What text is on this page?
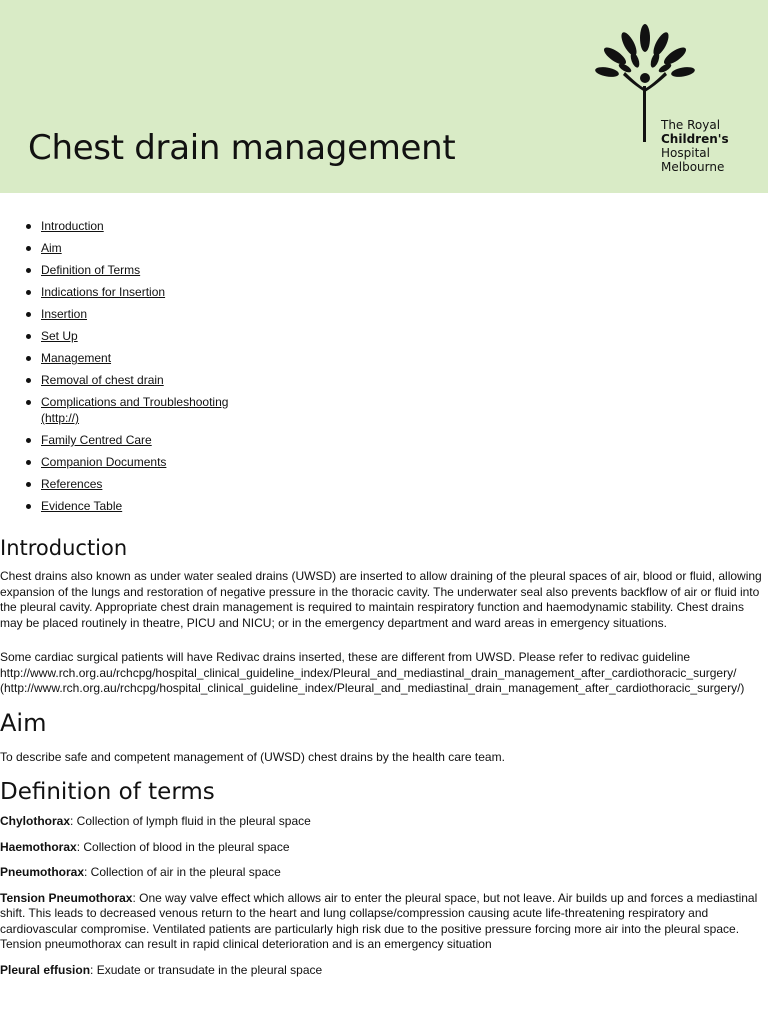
Chest drain management
The Royal
Children's
Hospital
Melbourne
Introduction
Aim
Definition of Terms
Indications for Insertion
Insertion
Set Up
Management
Removal of chest drain
Complications and Troubleshooting (http://)
Family Centred Care
Companion Documents
References
Evidence Table
Introduction

Chest drains also known as under water sealed drains (UWSD) are inserted to allow draining of the pleural spaces of air, blood or fluid, allowing expansion of the lungs and restoration of negative pressure in the thoracic cavity. The underwater seal also prevents backflow of air or fluid into the pleural cavity. Appropriate chest drain management is required to maintain respiratory function and haemodynamic stability. Chest drains may be placed routinely in theatre, PICU and NICU; or in the emergency department and ward areas in emergency situations.

Some cardiac surgical patients will have Redivac drains inserted, these are different from UWSD. Please refer to redivac guideline

http://www.rch.org.au/rchcpg/hospital_clinical_guideline_index/Pleural_and_mediastinal_drain_management_after_cardiothoracic_surgery/
(http://www.rch.org.au/rchcpg/hospital_clinical_guideline_index/Pleural_and_mediastinal_drain_management_after_cardiothoracic_surgery/)
Aim

To describe safe and competent management of (UWSD) chest drains by the health care team.

Definition of terms

Chylothorax: Collection of lymph fluid in the pleural space

Haemothorax: Collection of blood in the pleural space

Pneumothorax: Collection of air in the pleural space

Tension Pneumothorax: One way valve effect which allows air to enter the pleural space, but not leave. Air builds up and forces a mediastinal shift. This leads to decreased venous return to the heart and lung collapse/compression causing acute life-threatening respiratory and cardiovascular compromise. Ventilated patients are particularly high risk due to the positive pressure forcing more air into the pleural space. Tension pneumothorax can result in rapid clinical deterioration and is an emergency situation

Pleural effusion: Exudate or transudate in the pleural space
